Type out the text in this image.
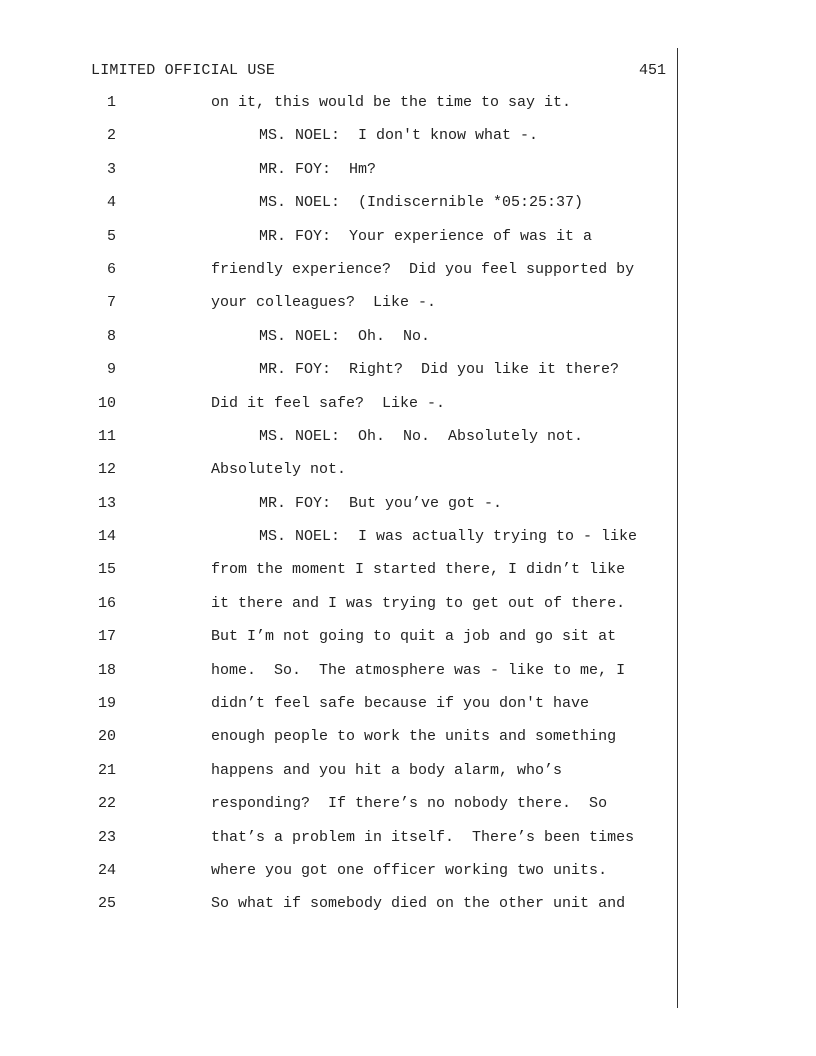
LIMITED OFFICIAL USE	451
1	on it, this would be the time to say it.
2	MS. NOEL:  I don't know what -.
3	MR. FOY:  Hm?
4	MS. NOEL:  (Indiscernible *05:25:37)
5	MR. FOY:  Your experience of was it a
6	friendly experience?  Did you feel supported by
7	your colleagues?  Like -.
8	MS. NOEL:  Oh.  No.
9	MR. FOY:  Right?  Did you like it there?
10	Did it feel safe?  Like -.
11	MS. NOEL:  Oh.  No.  Absolutely not.
12	Absolutely not.
13	MR. FOY:  But you’ve got -.
14	MS. NOEL:  I was actually trying to - like
15	from the moment I started there, I didn’t like
16	it there and I was trying to get out of there.
17	But I’m not going to quit a job and go sit at
18	home.  So.  The atmosphere was - like to me, I
19	didn’t feel safe because if you don't have
20	enough people to work the units and something
21	happens and you hit a body alarm, who’s
22	responding?  If there’s no nobody there.  So
23	that’s a problem in itself.  There’s been times
24	where you got one officer working two units.
25	So what if somebody died on the other unit and
